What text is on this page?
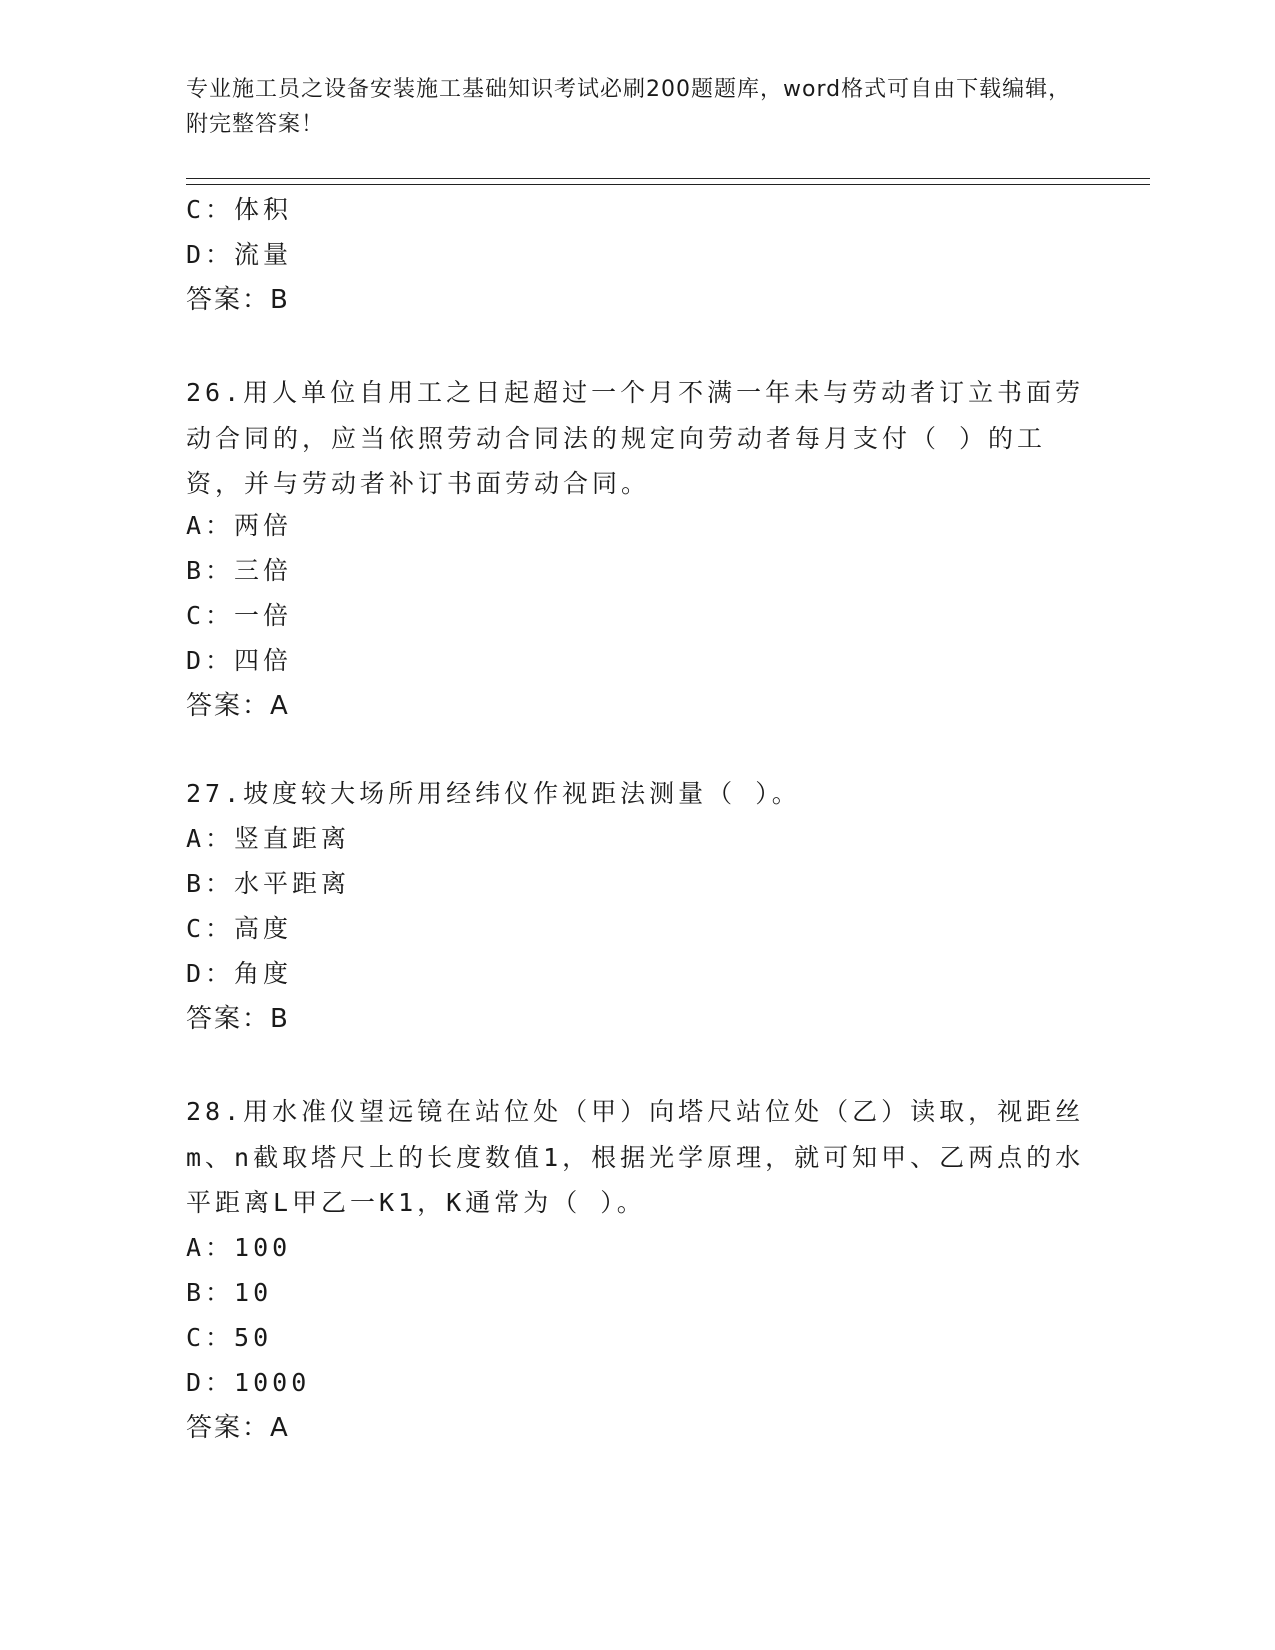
专业施工员之设备安装施工基础知识考试必刷200题题库，word格式可自由下载编辑，附完整答案！
C：体积
D：流量
答案：B
26.用人单位自用工之日起超过一个月不满一年未与劳动者订立书面劳动合同的，应当依照劳动合同法的规定向劳动者每月支付（ ）的工资，并与劳动者补订书面劳动合同。
A：两倍
B：三倍
C：一倍
D：四倍
答案：A
27.坡度较大场所用经纬仪作视距法测量（ ）。
A：竖直距离
B：水平距离
C：高度
D：角度
答案：B
28.用水准仪望远镜在站位处（甲）向塔尺站位处（乙）读取，视距丝m、n截取塔尺上的长度数值1，根据光学原理，就可知甲、乙两点的水平距离L甲乙一K1，K通常为（ ）。
A：100
B：10
C：50
D：1000
答案：A
